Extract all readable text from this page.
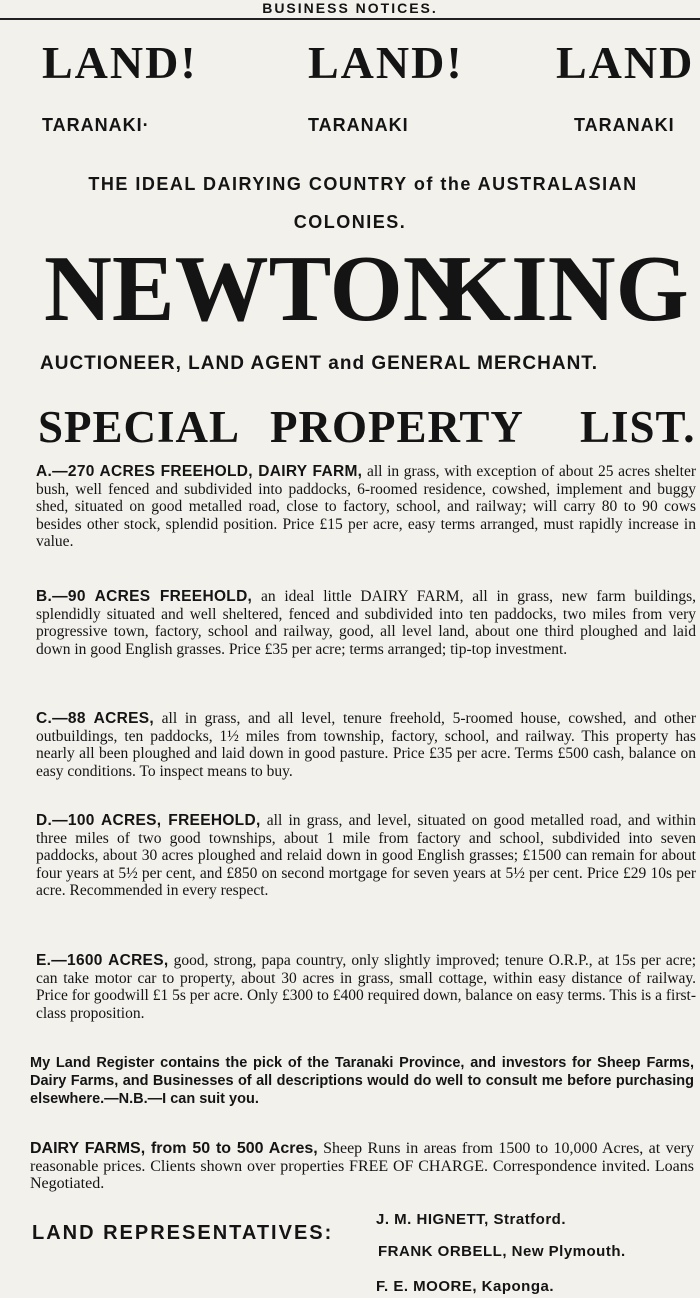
BUSINESS NOTICES.
LAND! LAND! LAND
TARANAKI·	TARANAKI	TARANAKI
THE IDEAL DAIRYING COUNTRY of the AUSTRALASIAN
COLONIES.
NEWTON
KING
AUCTIONEER, LAND AGENT and GENERAL MERCHANT.
SPECIAL PROPERTY LIST.
A.—270 ACRES FREEHOLD, DAIRY FARM, all in grass, with exception of about 25 acres shelter bush, well fenced and subdivided into paddocks, 6-roomed residence, cowshed, implement and buggy shed, situated on good metalled road, close to factory, school, and railway; will carry 80 to 90 cows besides other stock, splendid position. Price £15 per acre, easy terms arranged, must rapidly increase in value.
B.—90 ACRES FREEHOLD, an ideal little DAIRY FARM, all in grass, new farm buildings, splendidly situated and well sheltered, fenced and subdivided into ten paddocks, two miles from very progressive town, factory, school and railway, good, all level land, about one third ploughed and laid down in good English grasses. Price £35 per acre; terms arranged; tip-top investment.
C.—88 ACRES, all in grass, and all level, tenure freehold, 5-roomed house, cowshed, and other outbuildings, ten paddocks, 1½ miles from township, factory, school, and railway. This property has nearly all been ploughed and laid down in good pasture. Price £35 per acre. Terms £500 cash, balance on easy conditions. To inspect means to buy.
D.—100 ACRES, FREEHOLD, all in grass, and level, situated on good metalled road, and within three miles of two good townships, about 1 mile from factory and school, subdivided into seven paddocks, about 30 acres ploughed and relaid down in good English grasses; £1500 can remain for about four years at 5½ per cent, and £850 on second mortgage for seven years at 5½ per cent. Price £29 10s per acre. Recommended in every respect.
E.—1600 ACRES, good, strong, papa country, only slightly improved; tenure O.R.P., at 15s per acre; can take motor car to property, about 30 acres in grass, small cottage, within easy distance of railway. Price for goodwill £1 5s per acre. Only £300 to £400 required down, balance on easy terms. This is a first-class proposition.
My Land Register contains the pick of the Taranaki Province, and investors for Sheep Farms, Dairy Farms, and Businesses of all descriptions would do well to consult me before purchasing elsewhere.—N.B.—I can suit you.
DAIRY FARMS, from 50 to 500 Acres, Sheep Runs in areas from 1500 to 10,000 Acres, at very reasonable prices. Clients shown over properties FREE OF CHARGE. Correspondence invited. Loans Negotiated.
LAND REPRESENTATIVES:
J. M. HIGNETT, Stratford.
FRANK ORBELL, New Plymouth.
F. E. MOORE, Kaponga.
